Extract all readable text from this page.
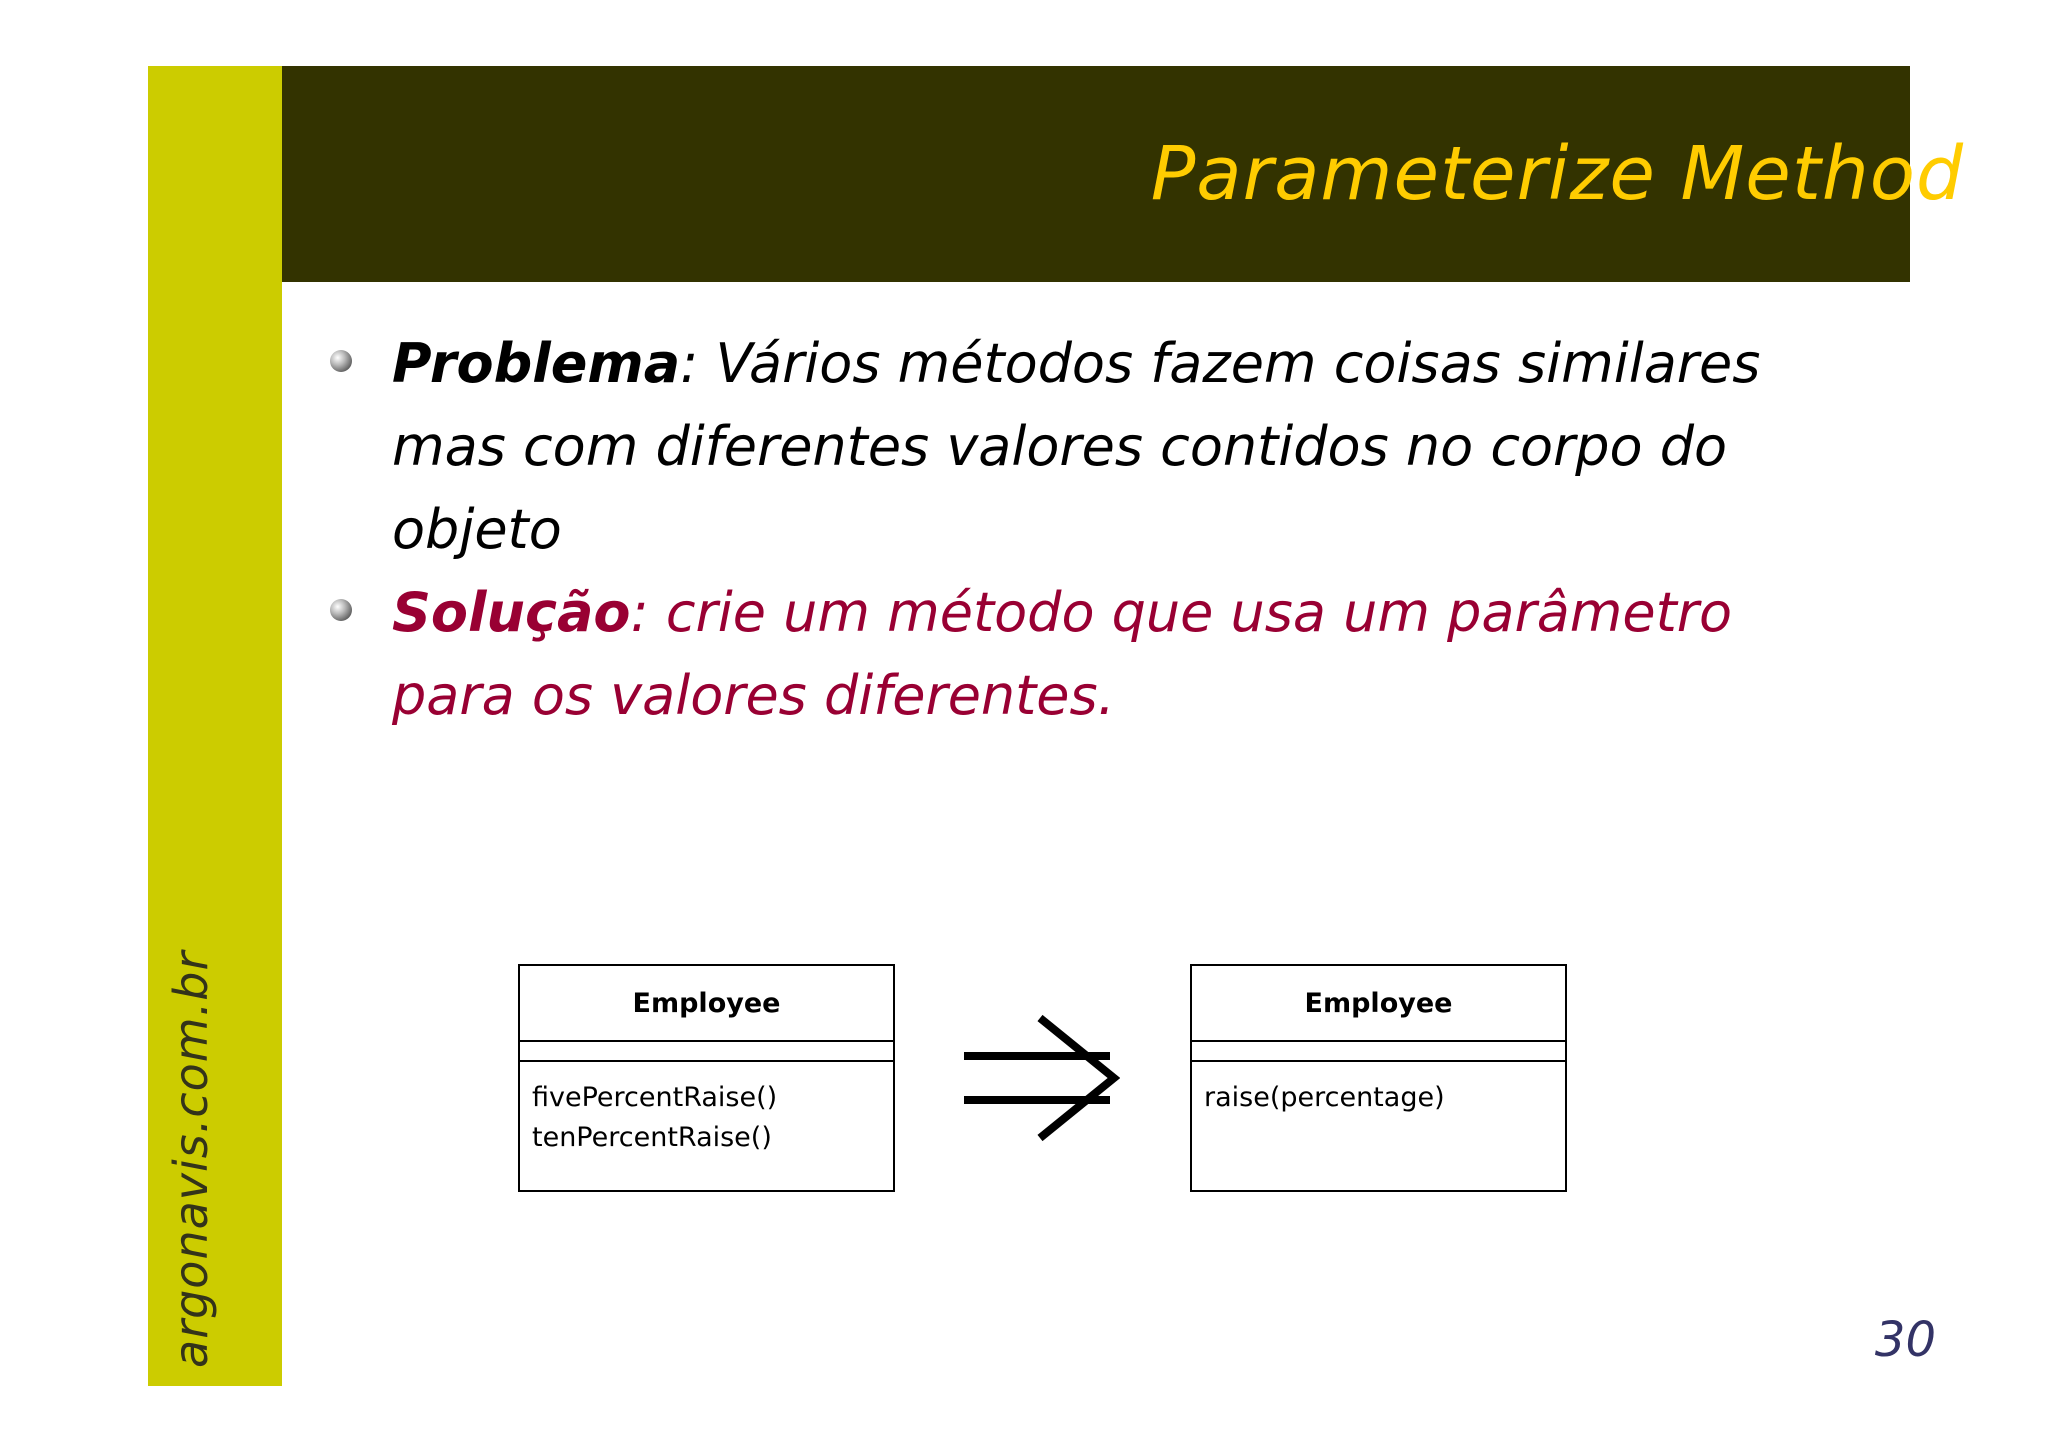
argonavis.com.br
Parameterize Method
Problema: Vários métodos fazem coisas similares mas com diferentes valores contidos no corpo do objeto
Solução: crie um método que usa um parâmetro para os valores diferentes.
Employee
fivePercentRaise()
tenPercentRaise()
Employee
raise(percentage)
30
